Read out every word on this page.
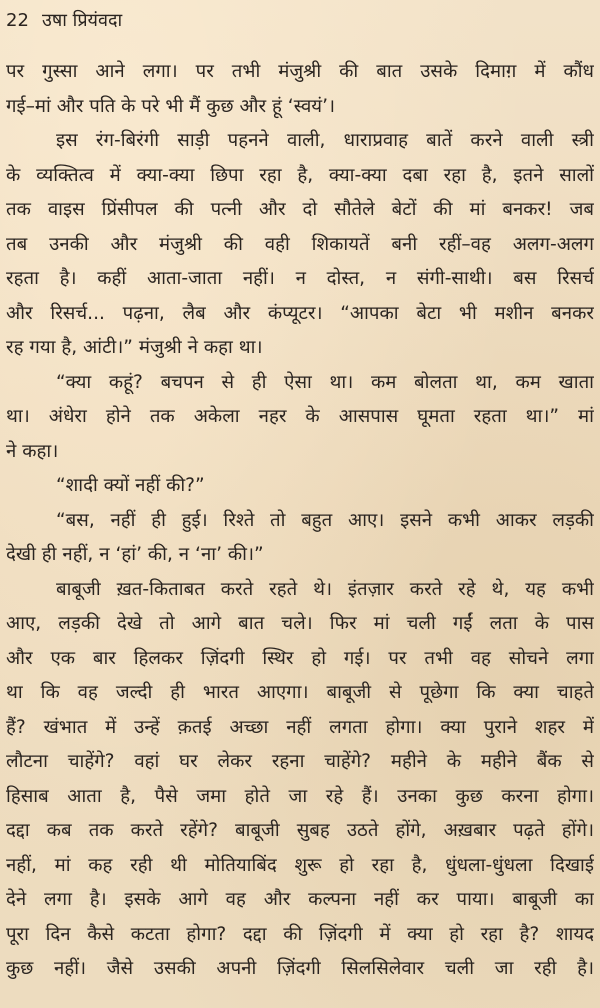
22 उषा प्रियंवदा
पर गुस्सा आने लगा। पर तभी मंजुश्री की बात उसके दिमाग़ में कौंध
गई–मां और पति के परे भी मैं कुछ और हूं ‘स्वयं’।
इस रंग-बिरंगी साड़ी पहनने वाली, धाराप्रवाह बातें करने वाली स्त्री
के व्यक्तित्व में क्या-क्या छिपा रहा है, क्या-क्या दबा रहा है, इतने सालों
तक वाइस प्रिंसीपल की पत्नी और दो सौतेले बेटों की मां बनकर! जब
तब उनकी और मंजुश्री की वही शिकायतें बनी रहीं–वह अलग-अलग
रहता है। कहीं आता-जाता नहीं। न दोस्त, न संगी-साथी। बस रिसर्च
और रिसर्च... पढ़ना, लैब और कंप्यूटर। “आपका बेटा भी मशीन बनकर
रह गया है, आंटी।” मंजुश्री ने कहा था।
“क्या कहूं? बचपन से ही ऐसा था। कम बोलता था, कम खाता
था। अंधेरा होने तक अकेला नहर के आसपास घूमता रहता था।” मां
ने कहा।
“शादी क्यों नहीं की?”
“बस, नहीं ही हुई। रिश्ते तो बहुत आए। इसने कभी आकर लड़की
देखी ही नहीं, न ‘हां’ की, न ‘ना’ की।”
बाबूजी ख़त-किताबत करते रहते थे। इंतज़ार करते रहे थे, यह कभी
आए, लड़की देखे तो आगे बात चले। फिर मां चली गईं लता के पास
और एक बार हिलकर ज़िंदगी स्थिर हो गई। पर तभी वह सोचने लगा
था कि वह जल्दी ही भारत आएगा। बाबूजी से पूछेगा कि क्या चाहते
हैं? खंभात में उन्हें क़तई अच्छा नहीं लगता होगा। क्या पुराने शहर में
लौटना चाहेंगे? वहां घर लेकर रहना चाहेंगे? महीने के महीने बैंक से
हिसाब आता है, पैसे जमा होते जा रहे हैं। उनका कुछ करना होगा।
दद्दा कब तक करते रहेंगे? बाबूजी सुबह उठते होंगे, अख़बार पढ़ते होंगे।
नहीं, मां कह रही थी मोतियाबिंद शुरू हो रहा है, धुंधला-धुंधला दिखाई
देने लगा है। इसके आगे वह और कल्पना नहीं कर पाया। बाबूजी का
पूरा दिन कैसे कटता होगा? दद्दा की ज़िंदगी में क्या हो रहा है? शायद
कुछ नहीं। जैसे उसकी अपनी ज़िंदगी सिलसिलेवार चली जा रही है।
